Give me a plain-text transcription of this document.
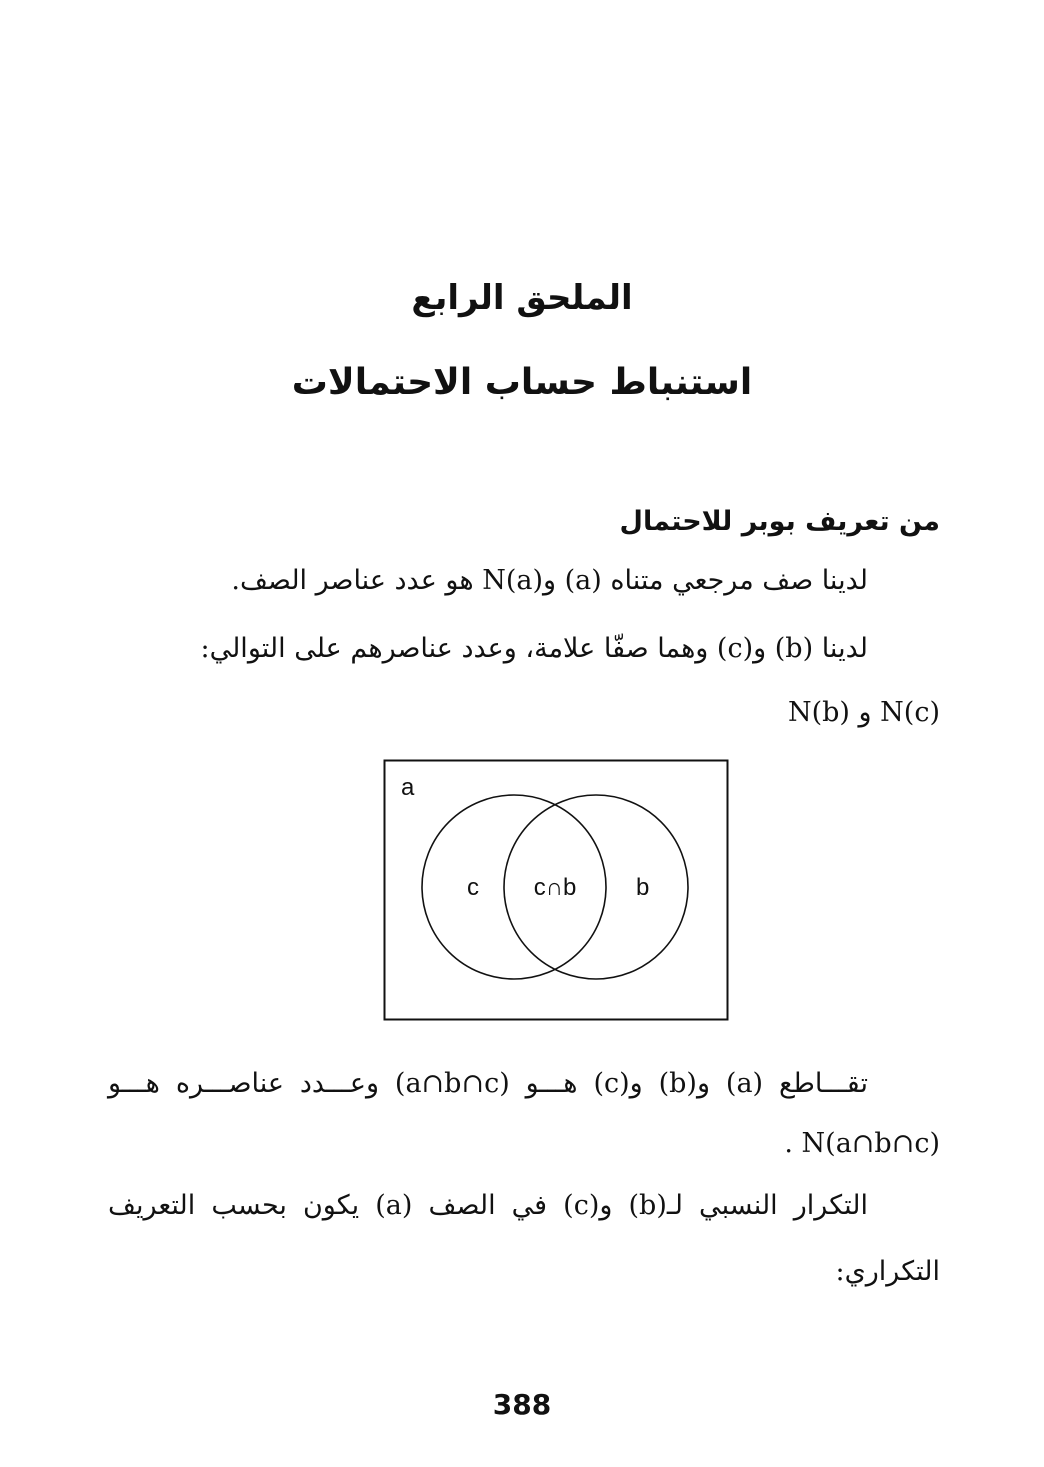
الملحق الرابع
استنباط حساب الاحتمالات
من تعريف بوبر للاحتمال
لدينا صف مرجعي متناه (a) وN(a) هو عدد عناصر الصف.
لدينا (b) و(c) وهما صفّا علامة، وعدد عناصرهم على التوالي:
N(b) و N(c)
a
c c∩b b
تقـــاطع (a) و(b) و(c) هـــو (a∩b∩c) وعـــدد عناصـــره هـــو
. N(a∩b∩c)
التكرار النسبي لـ(b) و(c) في الصف (a) يكون بحسب التعريف
التكراري:
388
